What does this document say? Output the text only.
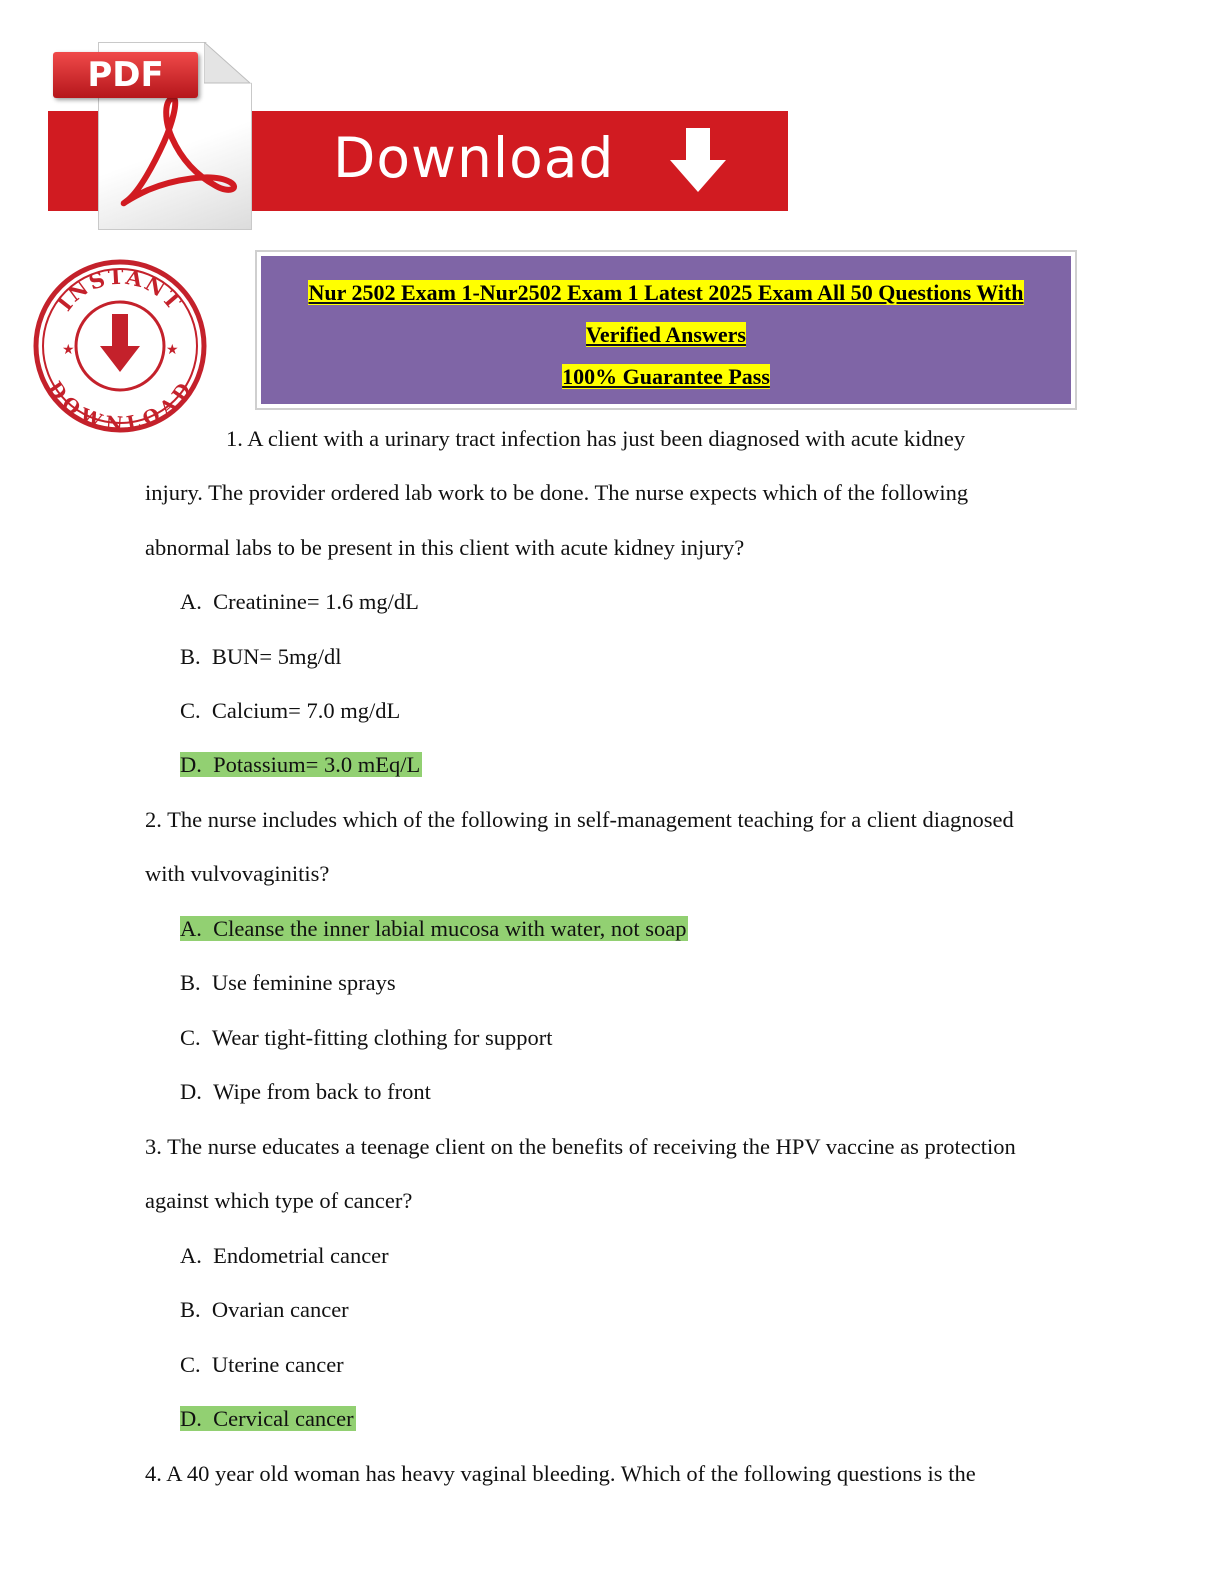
Download
PDF
INSTANT
DOWNLOAD
★	★
Nur 2502 Exam 1-Nur2502 Exam 1 Latest 2025 Exam All 50 Questions With
Verified Answers
100% Guarantee Pass
1. A client with a urinary tract infection has just been diagnosed with acute kidney
injury. The provider ordered lab work to be done. The nurse expects which of the following
abnormal labs to be present in this client with acute kidney injury?
A. Creatinine= 1.6 mg/dL
B. BUN= 5mg/dl
C. Calcium= 7.0 mg/dL
D. Potassium= 3.0 mEq/L
2. The nurse includes which of the following in self-management teaching for a client diagnosed
with vulvovaginitis?
A. Cleanse the inner labial mucosa with water, not soap
B. Use feminine sprays
C. Wear tight-fitting clothing for support
D. Wipe from back to front
3. The nurse educates a teenage client on the benefits of receiving the HPV vaccine as protection
against which type of cancer?
A. Endometrial cancer
B. Ovarian cancer
C. Uterine cancer
D. Cervical cancer
4. A 40 year old woman has heavy vaginal bleeding. Which of the following questions is the
